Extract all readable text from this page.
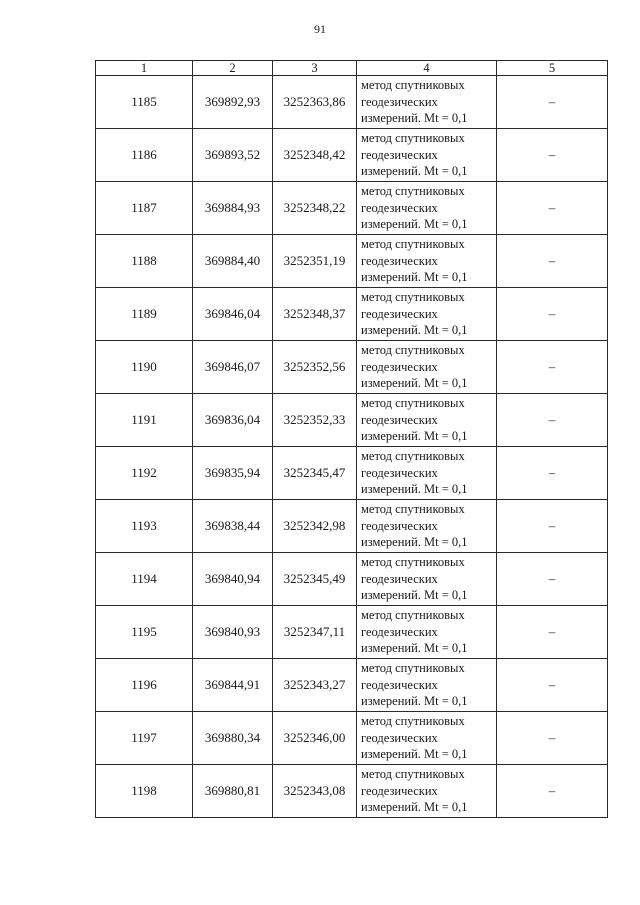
91
1	2	3	4	5
1185	369892,93	3252363,86	метод спутниковых
геодезических
измерений. Mt = 0,1	–
1186	369893,52	3252348,42	метод спутниковых
геодезических
измерений. Mt = 0,1	–
1187	369884,93	3252348,22	метод спутниковых
геодезических
измерений. Mt = 0,1	–
1188	369884,40	3252351,19	метод спутниковых
геодезических
измерений. Mt = 0,1	–
1189	369846,04	3252348,37	метод спутниковых
геодезических
измерений. Mt = 0,1	–
1190	369846,07	3252352,56	метод спутниковых
геодезических
измерений. Mt = 0,1	–
1191	369836,04	3252352,33	метод спутниковых
геодезических
измерений. Mt = 0,1	–
1192	369835,94	3252345,47	метод спутниковых
геодезических
измерений. Mt = 0,1	–
1193	369838,44	3252342,98	метод спутниковых
геодезических
измерений. Mt = 0,1	–
1194	369840,94	3252345,49	метод спутниковых
геодезических
измерений. Mt = 0,1	–
1195	369840,93	3252347,11	метод спутниковых
геодезических
измерений. Mt = 0,1	–
1196	369844,91	3252343,27	метод спутниковых
геодезических
измерений. Mt = 0,1	–
1197	369880,34	3252346,00	метод спутниковых
геодезических
измерений. Mt = 0,1	–
1198	369880,81	3252343,08	метод спутниковых
геодезических
измерений. Mt = 0,1	–
